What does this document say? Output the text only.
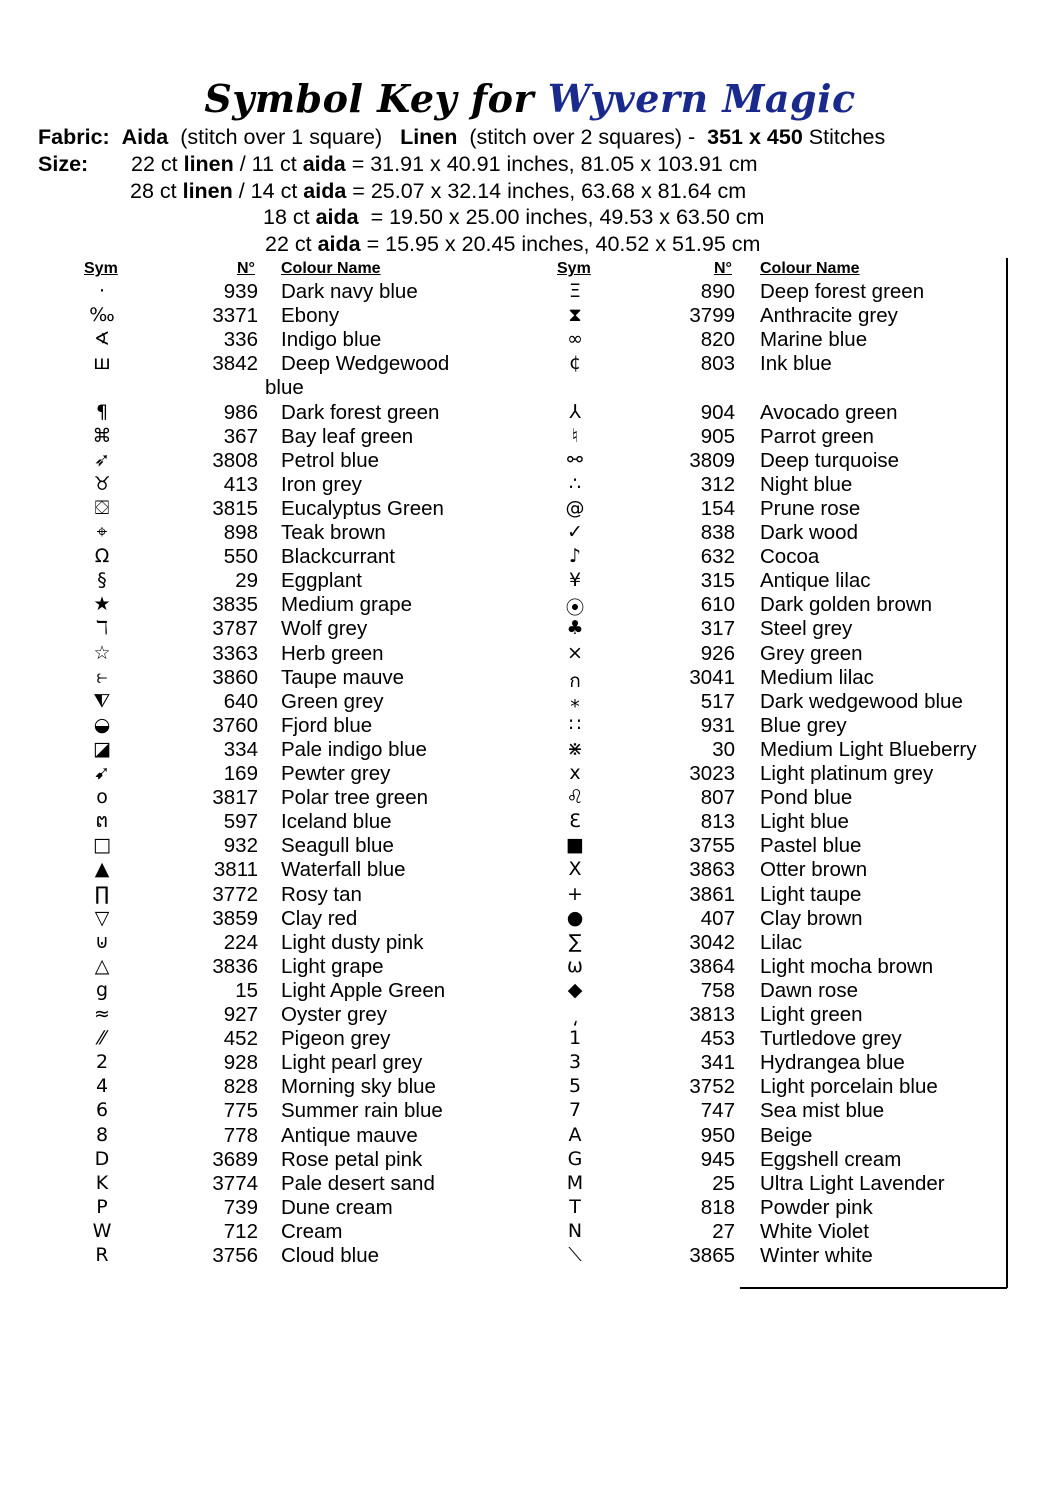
Symbol Key for Wyvern Magic
Fabric: Aida (stitch over 1 square) Linen (stitch over 2 squares) - 351 x 450 Stitches
Size: 22 ct linen / 11 ct aida = 31.91 x 40.91 inches, 81.05 x 103.91 cm
28 ct linen / 14 ct aida = 25.07 x 32.14 inches, 63.68 x 81.64 cm
18 ct aida  = 19.50 x 25.00 inches, 49.53 x 63.50 cm
22 ct aida = 15.95 x 20.45 inches, 40.52 x 51.95 cm
Sym	N° Colour Name	Sym	N° Colour Name
·	939 Dark navy blue
‰	3371 Ebony
∢	336 Indigo blue
ш	3842 Deep Wedgewood
blue
¶	986 Dark forest green
⌘	367 Bay leaf green
➶	3808 Petrol blue
♉	413 Iron grey
⛋	3815 Eucalyptus Green
⌖	898 Teak brown
Ω	550 Blackcurrant
§	29 Eggplant
★	3835 Medium grape
ℸ	3787 Wolf grey
☆	3363 Herb green
⥼	3860 Taupe mauve
⧨	640 Green grey
◒	3760 Fjord blue
◪	334 Pale indigo blue
➹	169 Pewter grey
o	3817 Polar tree green
ຕ	597 Iceland blue
□	932 Seagull blue
▲	3811 Waterfall blue
∏	3772 Rosy tan
▽	3859 Clay red
⊍	224 Light dusty pink
△	3836 Light grape
g	15 Light Apple Green
≈	927 Oyster grey
⁄⁄	452 Pigeon grey
2	928 Light pearl grey
4	828 Morning sky blue
6	775 Summer rain blue
8	778 Antique mauve
D	3689 Rose petal pink
K	3774 Pale desert sand
P	739 Dune cream
W	712 Cream
R	3756 Cloud blue
Ξ	890 Deep forest green
⧗	3799 Anthracite grey
∞	820 Marine blue
¢	803 Ink blue
⅄	904 Avocado green
♮	905 Parrot green
⚯	3809 Deep turquoise
∴	312 Night blue
@	154 Prune rose
✓	838 Dark wood
♪	632 Cocoa
¥	315 Antique lilac
⦿	610 Dark golden brown
♣	317 Steel grey
⨯	926 Grey green
ก	3041 Medium lilac
⁎	517 Dark wedgewood blue
∷	931 Blue grey
⋇	30 Medium Light Blueberry
x	3023 Light platinum grey
♌	807 Pond blue
Ɛ	813 Light blue
■	3755 Pastel blue
X	3863 Otter brown
+	3861 Light taupe
●	407 Clay brown
∑	3042 Lilac
ω	3864 Light mocha brown
◆	758 Dawn rose
⸲	3813 Light green
1	453 Turtledove grey
3	341 Hydrangea blue
5	3752 Light porcelain blue
7	747 Sea mist blue
A	950 Beige
G	945 Eggshell cream
M	25 Ultra Light Lavender
T	818 Powder pink
N	27 White Violet
⟍	3865 Winter white
